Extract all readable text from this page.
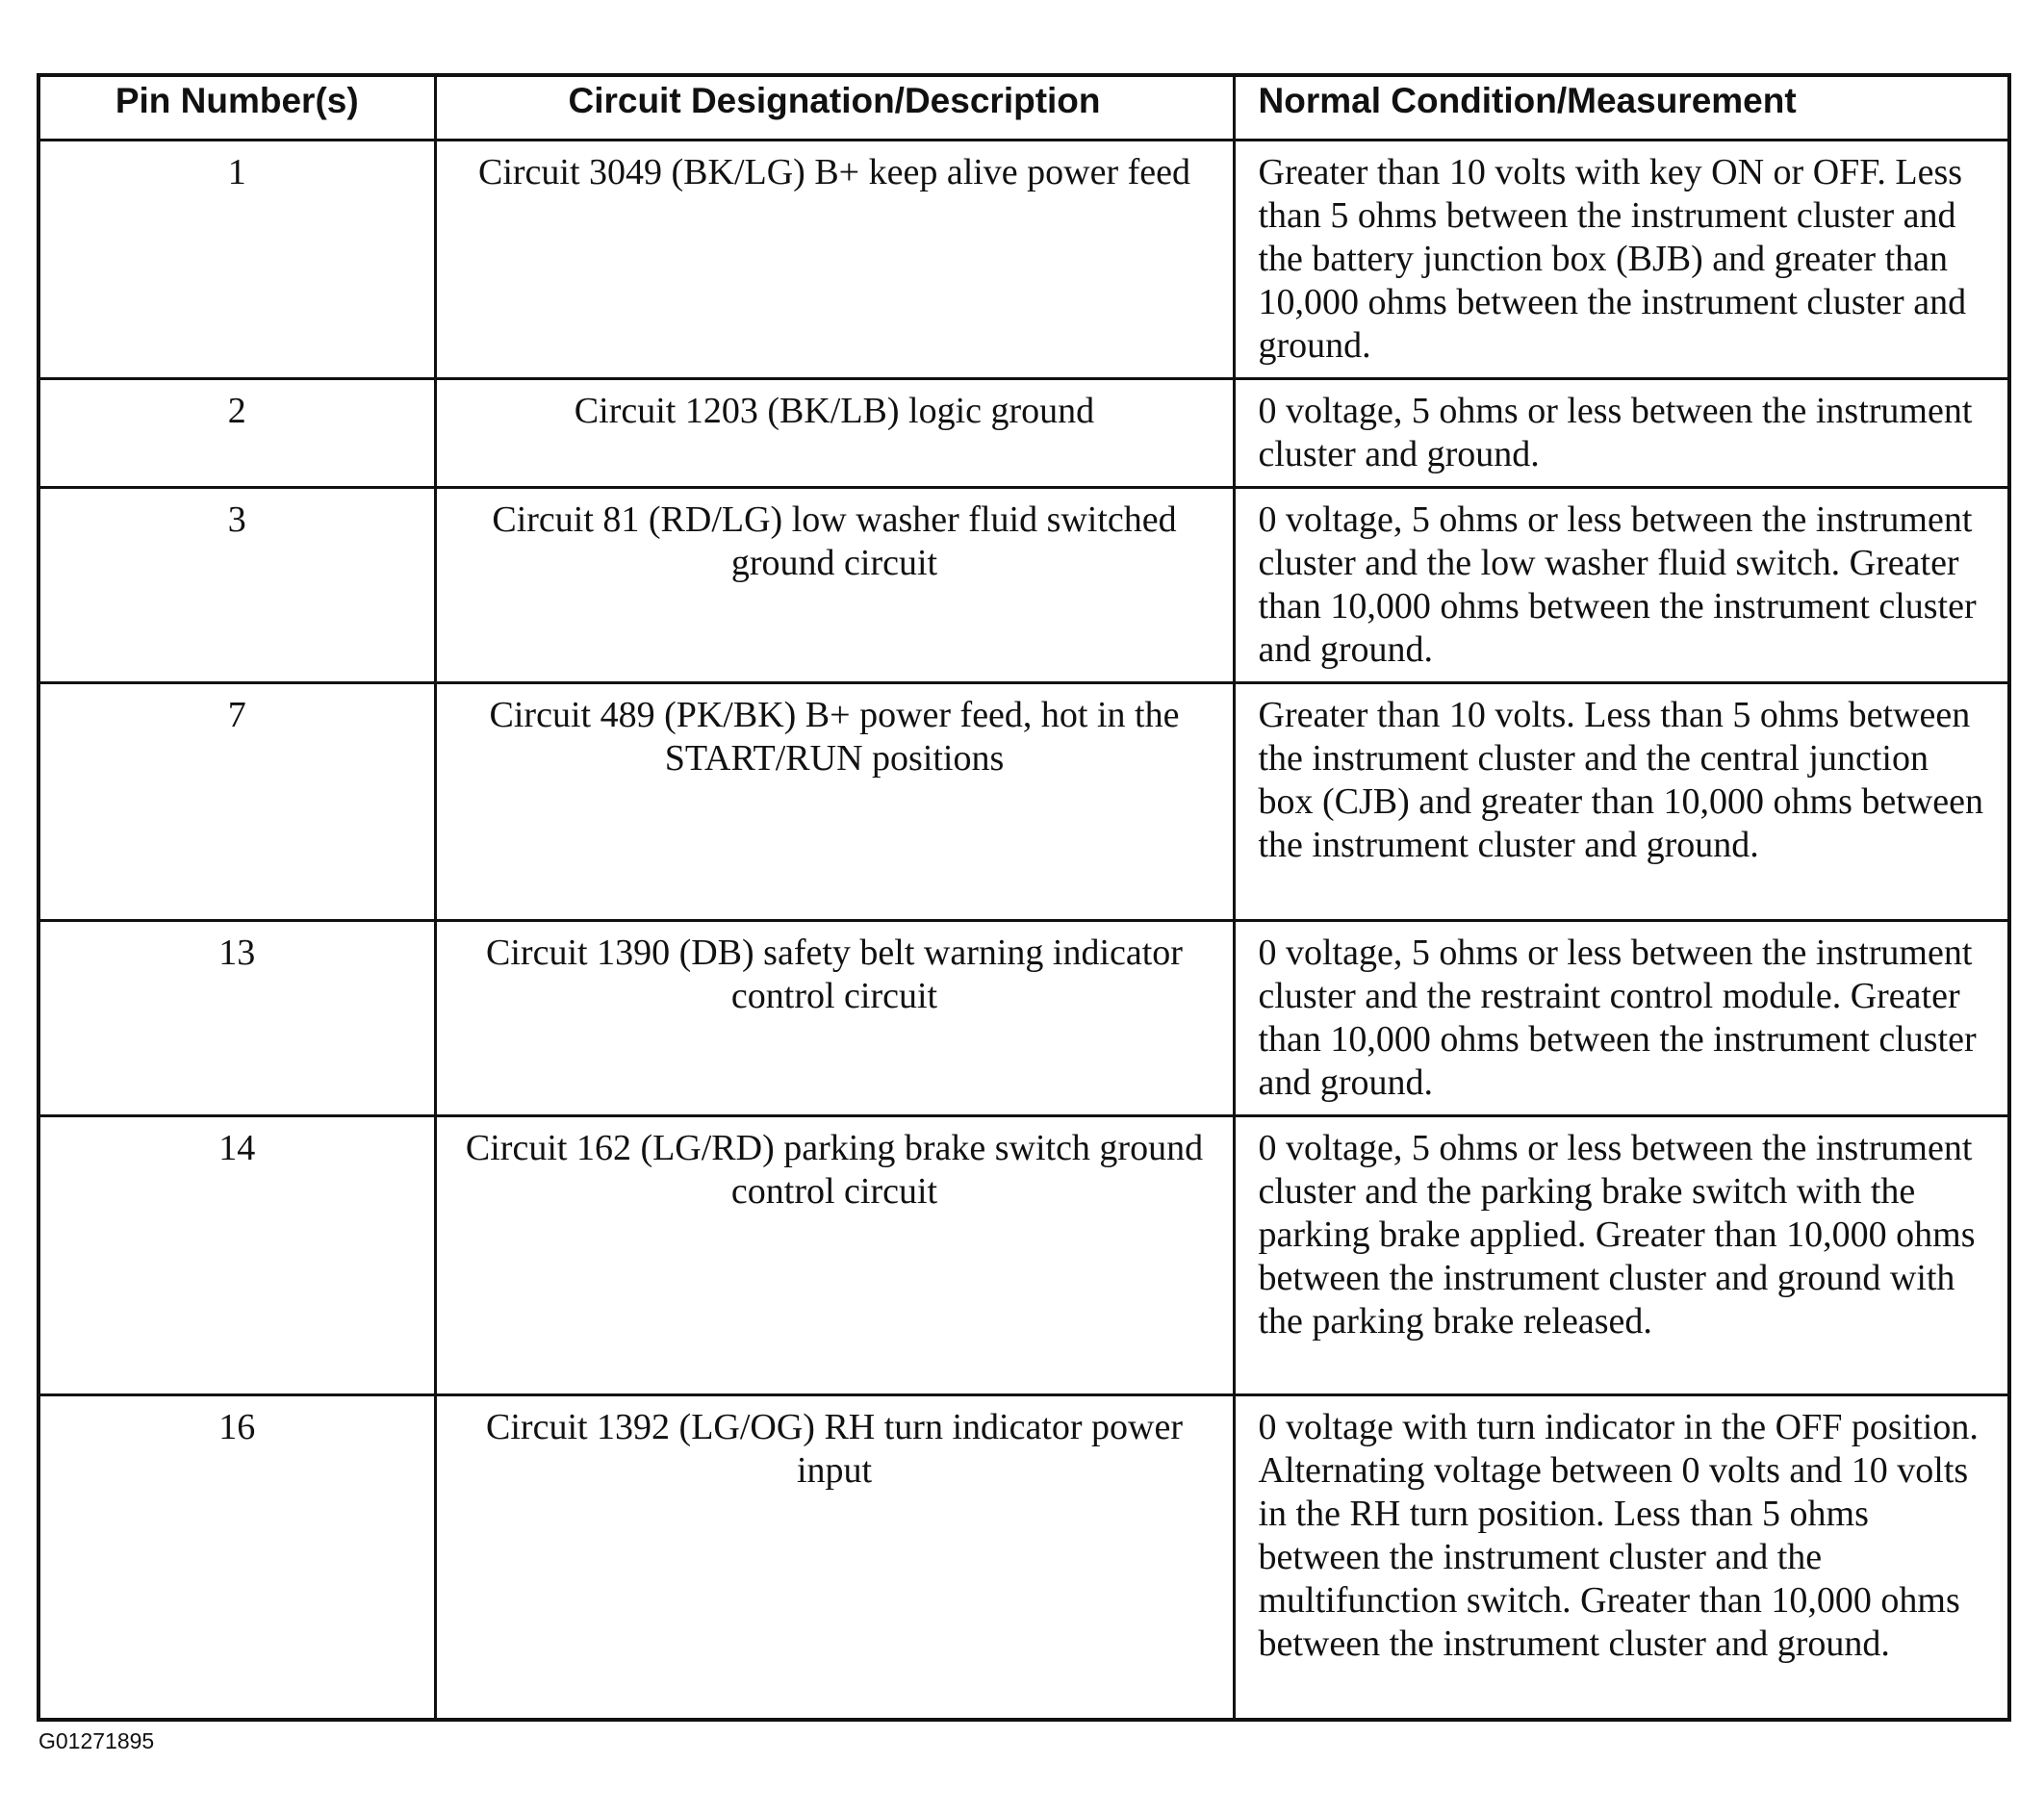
Pin Number(s)	Circuit Designation/Description	Normal Condition/Measurement
1	Circuit 3049 (BK/LG) B+ keep alive power feed	Greater than 10 volts with key ON or OFF. Less than 5 ohms between the instrument cluster and the battery junction box (BJB) and greater than 10,000 ohms between the instrument cluster and ground.
2	Circuit 1203 (BK/LB) logic ground	0 voltage, 5 ohms or less between the instrument cluster and ground.
3	Circuit 81 (RD/LG) low washer fluid switched ground circuit	0 voltage, 5 ohms or less between the instrument cluster and the low washer fluid switch. Greater than 10,000 ohms between the instrument cluster and ground.
7	Circuit 489 (PK/BK) B+ power feed, hot in the START/RUN positions	Greater than 10 volts. Less than 5 ohms between the instrument cluster and the central junction box (CJB) and greater than 10,000 ohms between the instrument cluster and ground.
13	Circuit 1390 (DB) safety belt warning indicator control circuit	0 voltage, 5 ohms or less between the instrument cluster and the restraint control module. Greater than 10,000 ohms between the instrument cluster and ground.
14	Circuit 162 (LG/RD) parking brake switch ground control circuit	0 voltage, 5 ohms or less between the instrument cluster and the parking brake switch with the parking brake applied. Greater than 10,000 ohms between the instrument cluster and ground with the parking brake released.
16	Circuit 1392 (LG/OG) RH turn indicator power input	0 voltage with turn indicator in the OFF position. Alternating voltage between 0 volts and 10 volts in the RH turn position. Less than 5 ohms between the instrument cluster and the multifunction switch. Greater than 10,000 ohms between the instrument cluster and ground.
G01271895
